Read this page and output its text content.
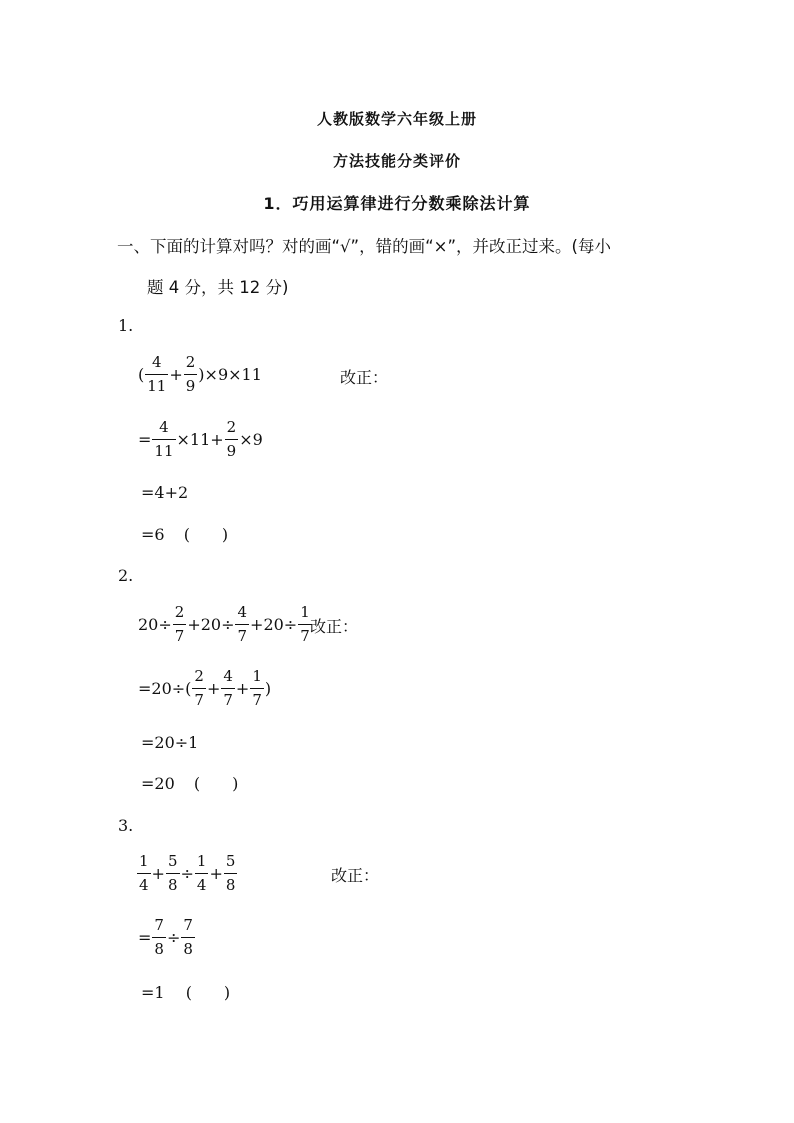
人教版数学六年级上册
方法技能分类评价
1．巧用运算律进行分数乘除法计算
一、下面的计算对吗？对的画“√”，错的画“×”，并改正过来。(每小
题 4 分，共 12 分)
1.
( $\frac{4}{11} + \frac{2}{9} )\times 9\times 11$	改正：
= $\frac{4}{11} \times 11+ \frac{2}{9} \times 9$
=4+2
=6 (　　)
2.
$20\div \frac{2}{7} +20\div \frac{4}{7} +20\div \frac{1}{7}$
改正：
$=20\div( \frac{2}{7} + \frac{4}{7} + \frac{1}{7}$ )
=20÷1
=20 (　　)
3.
$\frac{1}{4} + \frac{5}{8} \div \frac{1}{4} + \frac{5}{8}$	改正：
= $\frac{7}{8} \div \frac{7}{8}$
=1 (　　)
